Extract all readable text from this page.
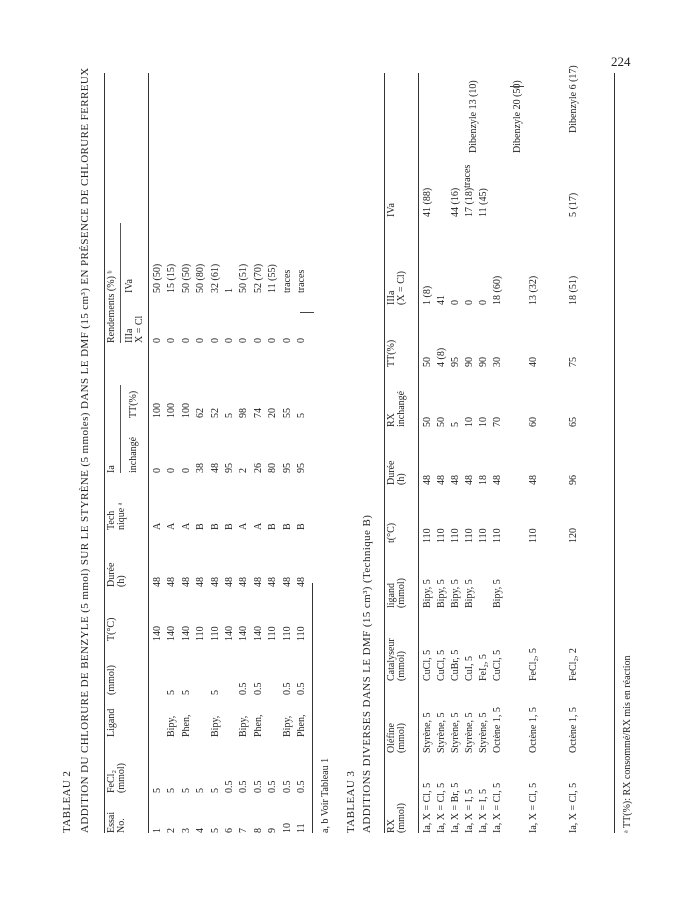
224
TABLEAU 2 ADDITION DU CHLORURE DE BENZYLE (5 mmol) SUR LE STYRÈNE (5 mmoles) DANS LE DMF (15 cm³) EN PRÉSENCE DE CHLORURE FERREUX Essai No.
FeCl₂ (mmol)
Ligand
(mmol)
T(°C)
Durée (h)
Tech nique ᵃ
Ia inchangé
TT(%)
Rendements (%) ᵇ IIIa X = Cl
IVa
1
5
140
48
A
0
100
0
50 (50)
2
5
Bipy,
5
140
48
A
0
100
0
15 (15)
3
5
Phen,
5
140
48
A
0
100
0
50 (50)
4
5
110
48
B
38
62
0
50 (80)
5
5
Bipy,
5
110
48
B
48
52
0
32 (61)
6
0.5
140
48
B
95
5
0
1
7
0.5
Bipy,
0.5
140
48
A
2
98
0
50 (51)
8
0.5
Phen,
0.5
140
48
A
26
74
0
52 (70)
9
0.5
110
48
B
80
20
0
11 (55)
10
0.5
Bipy,
0.5
110
48
B
95
55
0
traces
11
0.5
Phen,
0.5
110
48
B
95
5
0
traces
a, b Voir Tableau 1 TABLEAU 3 ADDITIONS DIVERSES DANS LE DMF (15 cm³) (Technique B) RX (mmol)
Oléfine (mmol)
Catalyseur (mmol)
ligand (mmol)
t(°C)
Durée (h)
RX inchangé
TT(%)
IIIa (X = Cl)
IVa
Ia, X = Cl, 5
Styrène, 5
CuCl, 5
Bipy, 5
110
48
50
50
1 (8)
41 (88)
Ia, X = Cl, 5
Styrène, 5
CuCl, 5
Bipy, 5
110
48
50
4 (8)
41
Ia, X = Br, 5
Styrène, 5
CuBr, 5
Bipy, 5
110
48
5
95
0
44 (16)
Ia, X = I, 5
Styrène, 5
CuI, 5
Bipy, 5
110
48
10
90
0
17 (18)
Ia, X = I, 5
Styrène, 5
FeI₂, 5
110
18
10
90
0
11 (45)
Ia, X = Cl, 5
Octène 1, 5
CuCl, 5
Bipy, 5
110
48
70
30
18 (60)
Ia, X = Cl, 5
Octène 1, 5
FeCl₂, 5
110
48
60
40
13 (32)
Ia, X = Cl, 5
Octène 1, 5
FeCl₂, 2
120
96
65
75
18 (51)
5 (17)
traces
Dibenzyle 13 (10)	Dibenzyle 20 (50)	Dibenzyle 6 (17)
ᵃ TT(%): RX consommé/RX mis en réaction
